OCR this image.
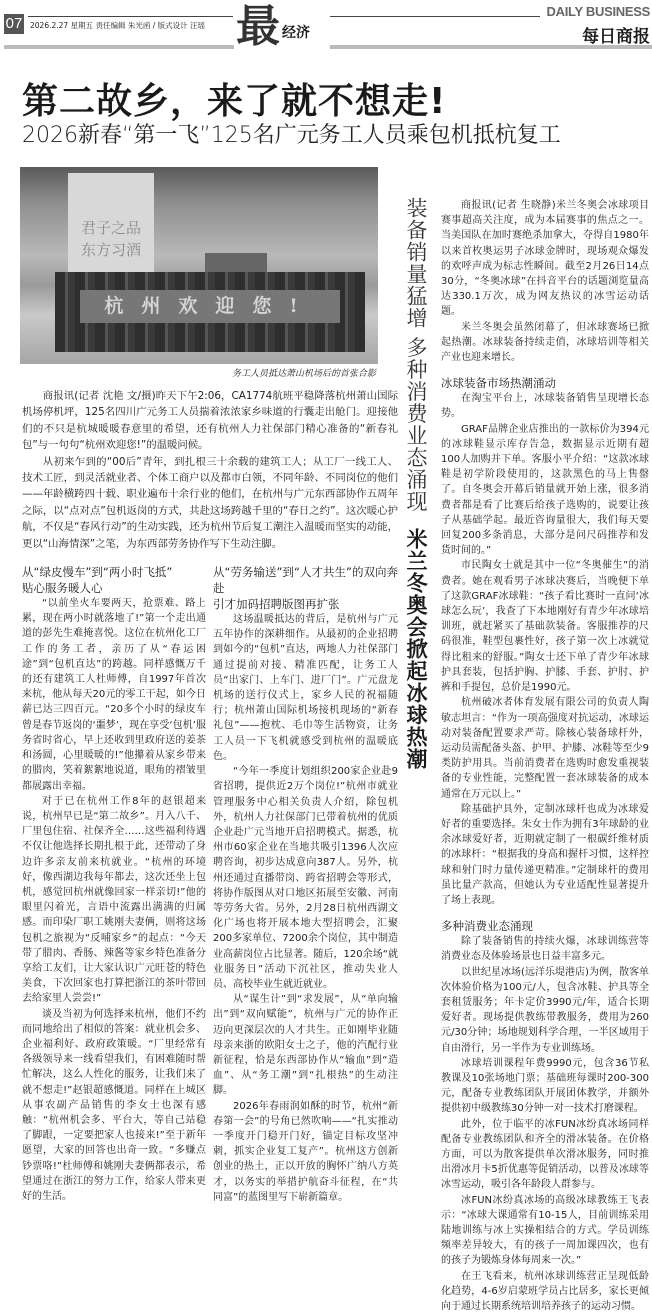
07 2026.2.27 星期五 责任编辑 朱光函 / 版式设计 汪瑶 最 经济
DAILY BUSINESS
每日商报
第二故乡，来了就不想走!
2026新春“第一飞”125名广元务工人员乘包机抵杭复工
君子之品
东方习酒
杭州欢迎您!
务工人员抵达萧山机场后的首张合影

商报讯(记者 沈艳 文/摄)昨天下午2:06，CA1774航班平稳降落杭州萧山国际机场停机坪，125名四川广元务工人员揣着浓浓家乡味道的行囊走出舱门。迎接他们的不只是杭城暖暖春意里的希望，还有杭州人力社保部门精心准备的“新春礼包”与一句句“杭州欢迎您!”的温暖问候。

从初来乍到的“00后”青年，到扎根三十余载的建筑工人；从工厂一线工人、技术工匠，到灵活就业者、个体工商户以及都市白领，不同年龄、不同岗位的他们——年龄横跨四十载、职业遍布十余行业的他们，在杭州与广元东西部协作五周年之际，以“点对点”包机返岗的方式，共赴这场跨越千里的“春日之约”。这次暖心护航，不仅是“春风行动”的生动实践，还为杭州节后复工潮注入温暖而坚实的动能，更以“山海情深”之笔，为东西部劳务协作写下生动注脚。

从“绿皮慢车”到“两小时飞抵”

贴心服务暖人心

“以前坐火车要两天，抢票难、路上累，现在两小时就落地了!”第一个走出通道的彭先生难掩喜悦。这位在杭州化工厂工作的务工者，亲历了从“春运困途”到“包机直达”的跨越。同样感慨万千的还有建筑工人杜师傅，自1997年首次来杭，他从每天20元的零工干起，如今日薪已达三四百元。“20多个小时的绿皮车曾是春节返岗的‘噩梦’，现在享受‘包机’服务省时省心，早上还收到里政府送的姜茶和汤圆，心里暖暖的!”他攥着从家乡带来的腊肉，笑着絮絮地说道，眼角的褶皱里都展露出幸福。

对于已在杭州工作8年的赵银超来说，杭州早已是“第二故乡”。月入八千、厂里包住宿、社保齐全……这些福利待遇不仅让他选择长期扎根于此，还带动了身边许多亲友前来杭就业。“杭州的环境好，像西湖边我每年都去，这次还坐上包机，感觉回杭州就像回家一样亲切!”他的眼里闪着光，言语中流露出满满的归属感。而印染厂职工姚刚夫妻俩，则将这场包机之旅视为“反哺家乡”的起点：“今天带了腊肉、香肠、辣酱等家乡特色准备分享给工友们，让大家认识广元旺苍的特色美食，下次回家也打算把浙江的茶叶带回去给家里人尝尝!”

谈及当初为何选择来杭州，他们不约而同地给出了相似的答案：就业机会多、企业福利好、政府政策暖。“厂里经常有各级领导来一线看望我们，有困难随时帮忙解决，这么人性化的服务，让我们来了就不想走!”赵银超感慨道。同样在上城区从事农副产品销售的李女士也深有感触：“杭州机会多、平台大，等自己站稳了脚跟，一定要把家人也接来!”至于新年愿望，大家的回答也出奇一致。“多赚点钞票咯!”杜师傅和姚刚夫妻俩都表示，希望通过在浙江的努力工作，给家人带来更好的生活。

从“劳务输送”到“人才共生”的双向奔赴

引才加码招聘版图再扩张

这场温暖抵达的背后，是杭州与广元五年协作的深耕细作。从最初的企业招聘到如今的“包机”直达，两地人力社保部门通过提前对接、精准匹配，让务工人员“出家门、上车门、进厂门”。广元盘龙机场的送行仪式上，家乡人民的祝福随行；杭州萧山国际机场接机现场的“新春礼包”——抱枕、毛巾等生活物资，让务工人员一下飞机就感受到杭州的温暖底色。

“今年一季度计划组织200家企业赴9省招聘，提供近2万个岗位!”杭州市就业管理服务中心相关负责人介绍，除包机外，杭州人力社保部门已带着杭州的优质企业赴广元当地开启招聘模式。据悉，杭州市60家企业在当地共吸引1396人次应聘咨询，初步达成意向387人。另外，杭州还通过直播带岗、跨省招聘会等形式，将协作版图从对口地区拓展至安徽、河南等劳务大省。另外，2月28日杭州西湖文化广场也将开展本地大型招聘会，汇聚200多家单位、7200余个岗位，其中制造业高薪岗位占比显著。随后，120余场“就业服务日”活动下沉社区，推动失业人员、高校毕业生就近就业。

从“谋生计”到“求发展”，从“单向输出”到“双向赋能”，杭州与广元的协作正迈向更深层次的人才共生。正如刚毕业随母亲来浙的欧阳女士之子，他的汽配行业新征程，恰是东西部协作从“输血”到“造血”、从“务工潮”到“扎根热”的生动注脚。

2026年春雨润如酥的时节，杭州“新春第一会”的号角已然吹响——“扎实推动一季度开门稳开门好，锚定目标攻坚冲刺，抓实企业复工复产”。杭州这方创新创业的热土，正以开放的胸怀广纳八方英才，以务实的举措护航奋斗征程，在“共同富”的蓝图里写下崭新篇章。

装备销量猛增 多种消费业态涌现 米兰冬奥会掀起冰球热潮

商报讯(记者 生晓静)米兰冬奥会冰球项目赛事超高关注度，成为本届赛事的焦点之一。当美国队在加时赛绝杀加拿大，夺得自1980年以来首枚奥运男子冰球金牌时，现场观众爆发的欢呼声成为标志性瞬间。截至2月26日14点30分，“冬奥冰球”在抖音平台的话题浏览量高达330.1万次，成为网友热议的冰雪运动话题。

米兰冬奥会虽然闭幕了，但冰球赛场已掀起热潮。冰球装备持续走俏，冰球培训等相关产业也迎来增长。

冰球装备市场热潮涌动

在淘宝平台上，冰球装备销售呈现增长态势。

GRAF品牌企业店推出的一款标价为394元的冰球鞋显示库存告急，数据显示近期有超100人加购并下单。客服小平介绍：“这款冰球鞋是初学阶段使用的，这款黑色的马上售罄了。自冬奥会开幕后销量就开始上涨，很多消费者都是看了比赛后给孩子选购的，说要让孩子从基础学起。最近咨询量很大，我们每天要回复200多条消息，大部分是问尺码推荐和发货时间的。”

市民陶女士就是其中一位“冬奥催生”的消费者。她在观看男子冰球决赛后，当晚便下单了这款GRAF冰球鞋：“孩子看比赛时一直问‘冰球怎么玩’，我查了下本地刚好有青少年冰球培训班，就赶紧买了基础款装备。客服推荐的尺码很准，鞋型包裹性好，孩子第一次上冰就觉得比租来的舒服。”陶女士还下单了青少年冰球护具套装，包括护胸、护膝、手套、护肘、护裤和手提包，总价是1990元。

杭州破冰者体育发展有限公司的负责人陶敏志坦言：“作为一项高强度对抗运动，冰球运动对装备配置要求严苛。除核心装备球杆外，运动员需配备头盔、护甲、护膝、冰鞋等至少9类防护用具。当前消费者在选购时愈发重视装备的专业性能，完整配置一套冰球装备的成本通常在万元以上。”

除基础护具外，定制冰球杆也成为冰球爱好者的重要选择。朱女士作为拥有3年球龄的业余冰球爱好者，近期就定制了一根碳纤维材质的冰球杆：“根据我的身高和握杆习惯，这样控球和射门时力量传递更精准。”定制球杆的费用虽比量产款高，但她认为专业适配性显著提升了场上表现。

多种消费业态涌现

除了装备销售的持续火爆，冰球训练营等消费业态及体验场景也日益丰富多元。

以世纪星冰场(远洋乐堤港店)为例，散客单次体验价格为100元/人，包含冰鞋、护具等全套租赁服务；年卡定价3990元/年，适合长期爱好者。现场提供教练带教服务，费用为260元/30分钟；场地规划科学合理，一半区域用于自由滑行，另一半作为专业训练场。

冰球培训课程年费9990元，包含36节私教课及10张场地门票；基础班每课时200-300元，配备专业教练团队开展团体教学，并额外提供初中级教练30分钟一对一技术打磨课程。

此外，位于临平的冰FUN冰纷真冰场同样配备专业教练团队和齐全的滑冰装备。在价格方面，可以为散客提供单次滑冰服务，同时推出滑冰月卡5折优惠等促销活动，以普及冰球等冰雪运动，吸引各年龄段人群参与。

冰FUN冰纷真冰场的高级冰球教练王飞表示：“冰球大课通常有10-15人，目前训练采用陆地训练与冰上实操相结合的方式。学员训练频率差异较大，有的孩子一周加课四次，也有的孩子为锻炼身体每周来一次。”

在王飞看来，杭州冰球训练营正呈现低龄化趋势，4-6岁启蒙班学员占比居多，家长更倾向于通过长期系统培训培养孩子的运动习惯。
